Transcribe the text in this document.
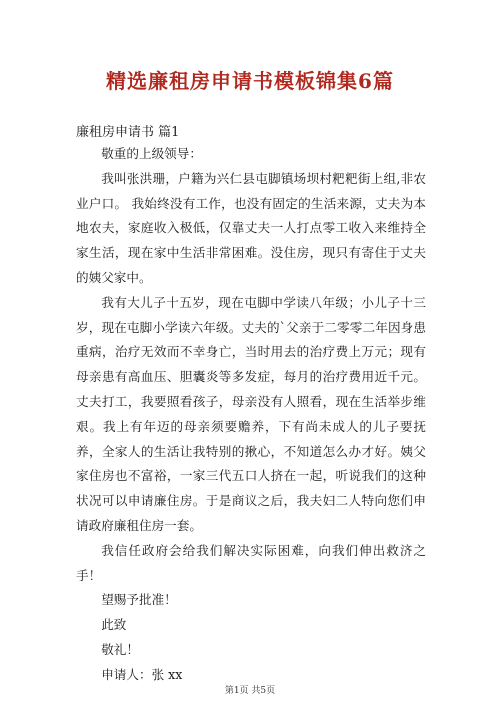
精选廉租房申请书模板锦集6篇
廉租房申请书 篇1

敬重的上级领导：

我叫张洪珊，户籍为兴仁县屯脚镇场坝村粑粑街上组,非农业户口。 我始终没有工作，也没有固定的生活来源，丈夫为本地农夫，家庭收入极低，仅靠丈夫一人打点零工收入来维持全家生活，现在家中生活非常困难。没住房，现只有寄住于丈夫的姨父家中。

我有大儿子十五岁，现在屯脚中学读八年级；小儿子十三岁，现在屯脚小学读六年级。丈夫的`父亲于二零零二年因身患重病，治疗无效而不幸身亡，当时用去的治疗费上万元；现有母亲患有高血压、胆囊炎等多发症，每月的治疗费用近千元。丈夫打工，我要照看孩子，母亲没有人照看，现在生活举步维艰。我上有年迈的母亲须要赡养，下有尚未成人的儿子要抚养，全家人的生活让我特别的揪心，不知道怎么办才好。姨父家住房也不富裕，一家三代五口人挤在一起，听说我们的这种状况可以申请廉住房。于是商议之后，我夫妇二人特向您们申请政府廉租住房一套。

我信任政府会给我们解决实际困难，向我们伸出救济之手！

望赐予批准！

此致

敬礼！

申请人：张 xx

第1页 共5页
